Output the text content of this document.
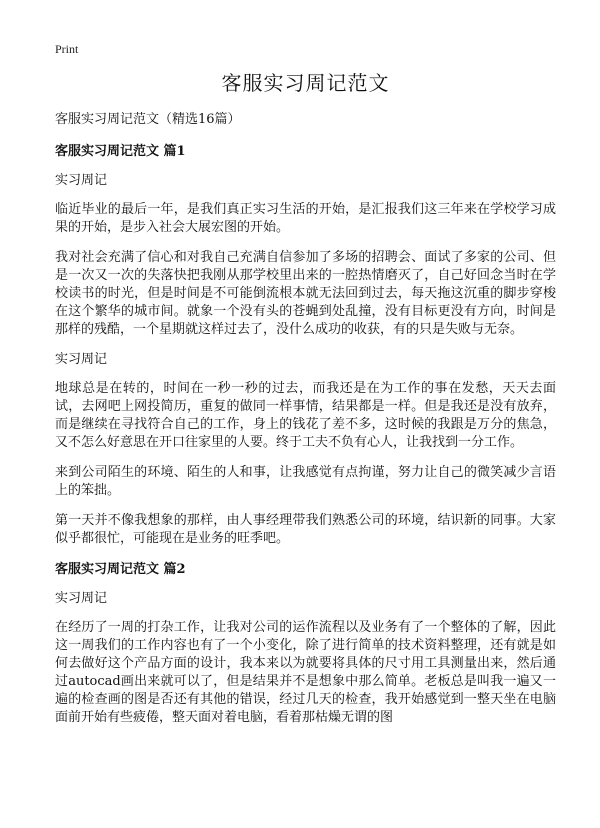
Print
客服实习周记范文
客服实习周记范文（精选16篇）
客服实习周记范文 篇1

实习周记

临近毕业的最后一年，是我们真正实习生活的开始，是汇报我们这三年来在学校学习成果的开始，是步入社会大展宏图的开始。

我对社会充满了信心和对我自己充满自信参加了多场的招聘会、面试了多家的公司、但是一次又一次的失落快把我刚从那学校里出来的一腔热情磨灭了，自己好回念当时在学校读书的时光，但是时间是不可能倒流根本就无法回到过去，每天拖这沉重的脚步穿梭在这个繁华的城市间。就象一个没有头的苍蝇到处乱撞，没有目标更没有方向，时间是那样的残酷，一个星期就这样过去了，没什么成功的收获，有的只是失败与无奈。

实习周记

地球总是在转的，时间在一秒一秒的过去，而我还是在为工作的事在发愁，天天去面试，去网吧上网投简历，重复的做同一样事情，结果都是一样。但是我还是没有放弃，而是继续在寻找符合自己的工作，身上的钱花了差不多，这时候的我跟是万分的焦急，又不怎么好意思在开口往家里的人要。终于工夫不负有心人，让我找到一分工作。

来到公司陌生的环境、陌生的人和事，让我感觉有点拘谨，努力让自己的微笑减少言语上的笨拙。

第一天并不像我想象的那样，由人事经理带我们熟悉公司的环境，结识新的同事。大家似乎都很忙，可能现在是业务的旺季吧。

客服实习周记范文 篇2

实习周记

在经历了一周的打杂工作，让我对公司的运作流程以及业务有了一个整体的了解，因此这一周我们的工作内容也有了一个小变化，除了进行简单的技术资料整理，还有就是如何去做好这个产品方面的设计，我本来以为就要将具体的尺寸用工具测量出来，然后通过autocad画出来就可以了，但是结果并不是想象中那么简单。老板总是叫我一遍又一遍的检查画的图是否还有其他的错误，经过几天的检查，我开始感觉到一整天坐在电脑面前开始有些疲倦，整天面对着电脑，看着那枯燥无谓的图
